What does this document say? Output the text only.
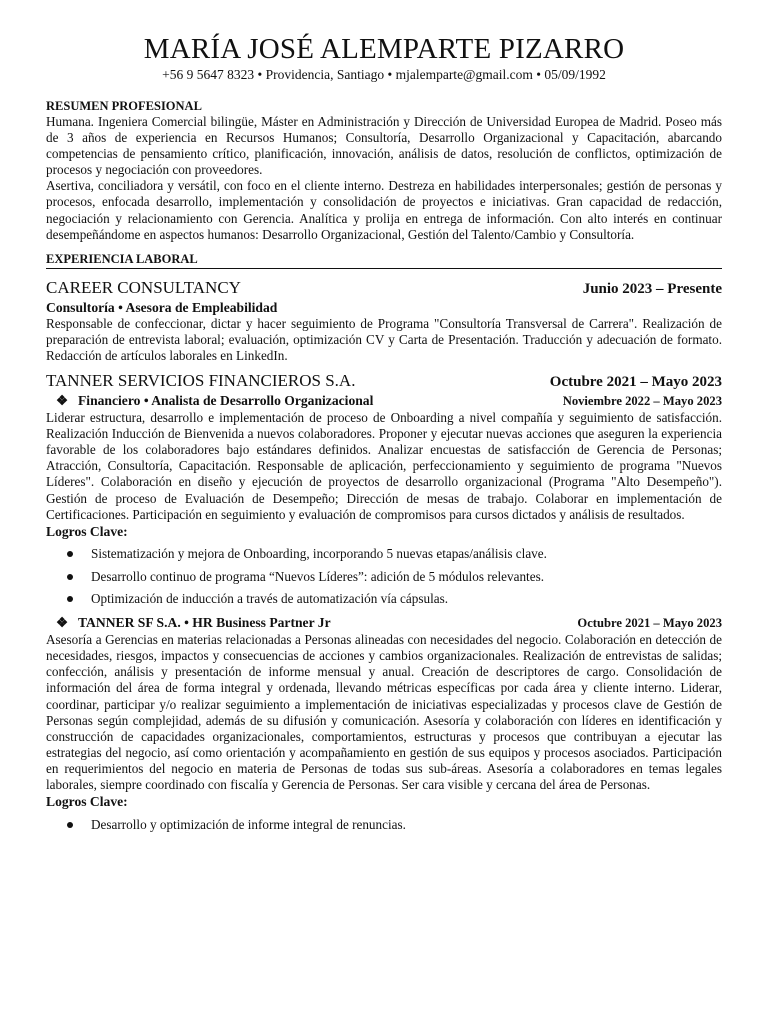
MARÍA JOSÉ ALEMPARTE PIZARRO

+56 9 5647 8323 • Providencia, Santiago • mjalemparte@gmail.com • 05/09/1992

RESUMEN PROFESIONAL

Humana. Ingeniera Comercial bilingüe, Máster en Administración y Dirección de Universidad Europea de Madrid. Poseo más de 3 años de experiencia en Recursos Humanos; Consultoría, Desarrollo Organizacional y Capacitación, abarcando competencias de pensamiento crítico, planificación, innovación, análisis de datos, resolución de conflictos, optimización de procesos y negociación con proveedores.

Asertiva, conciliadora y versátil, con foco en el cliente interno. Destreza en habilidades interpersonales; gestión de personas y procesos, enfocada desarrollo, implementación y consolidación de proyectos e iniciativas. Gran capacidad de redacción, negociación y relacionamiento con Gerencia. Analítica y prolija en entrega de información. Con alto interés en continuar desempeñándome en aspectos humanos: Desarrollo Organizacional, Gestión del Talento/Cambio y Consultoría.

EXPERIENCIA LABORAL
CAREER CONSULTANCY	Junio 2023 – Presente
Consultoría • Asesora de Empleabilidad

Responsable de confeccionar, dictar y hacer seguimiento de Programa "Consultoría Transversal de Carrera". Realización de preparación de entrevista laboral; evaluación, optimización CV y Carta de Presentación. Traducción y adecuación de formato. Redacción de artículos laborales en LinkedIn.

TANNER SERVICIOS FINANCIEROS S.A.	Octubre 2021 – Mayo 2023
❖ Financiero • Analista de Desarrollo Organizacional	Noviembre 2022 – Mayo 2023

Liderar estructura, desarrollo e implementación de proceso de Onboarding a nivel compañía y seguimiento de satisfacción. Realización Inducción de Bienvenida a nuevos colaboradores. Proponer y ejecutar nuevas acciones que aseguren la experiencia favorable de los colaboradores bajo estándares definidos. Analizar encuestas de satisfacción de Gerencia de Personas; Atracción, Consultoría, Capacitación. Responsable de aplicación, perfeccionamiento y seguimiento de programa "Nuevos Líderes". Colaboración en diseño y ejecución de proyectos de desarrollo organizacional (Programa "Alto Desempeño"). Gestión de proceso de Evaluación de Desempeño; Dirección de mesas de trabajo. Colaborar en implementación de Certificaciones. Participación en seguimiento y evaluación de compromisos para cursos dictados y análisis de resultados.

Logros Clave:
Sistematización y mejora de Onboarding, incorporando 5 nuevas etapas/análisis clave.
Desarrollo continuo de programa “Nuevos Líderes”: adición de 5 módulos relevantes.
Optimización de inducción a través de automatización vía cápsulas.
❖ TANNER SF S.A. • HR Business Partner Jr	Octubre 2021 – Mayo 2023

Asesoría a Gerencias en materias relacionadas a Personas alineadas con necesidades del negocio. Colaboración en detección de necesidades, riesgos, impactos y consecuencias de acciones y cambios organizacionales. Realización de entrevistas de salidas; confección, análisis y presentación de informe mensual y anual. Creación de descriptores de cargo. Consolidación de información del área de forma integral y ordenada, llevando métricas específicas por cada área y cliente interno. Liderar, coordinar, participar y/o realizar seguimiento a implementación de iniciativas especializadas y procesos clave de Gestión de Personas según complejidad, además de su difusión y comunicación. Asesoría y colaboración con líderes en identificación y construcción de capacidades organizacionales, comportamientos, estructuras y procesos que contribuyan a ejecutar las estrategias del negocio, así como orientación y acompañamiento en gestión de sus equipos y procesos asociados. Participación en requerimientos del negocio en materia de Personas de todas sus sub-áreas. Asesoría a colaboradores en temas legales laborales, siempre coordinado con fiscalía y Gerencia de Personas. Ser cara visible y cercana del área de Personas.

Logros Clave:
Desarrollo y optimización de informe integral de renuncias.
